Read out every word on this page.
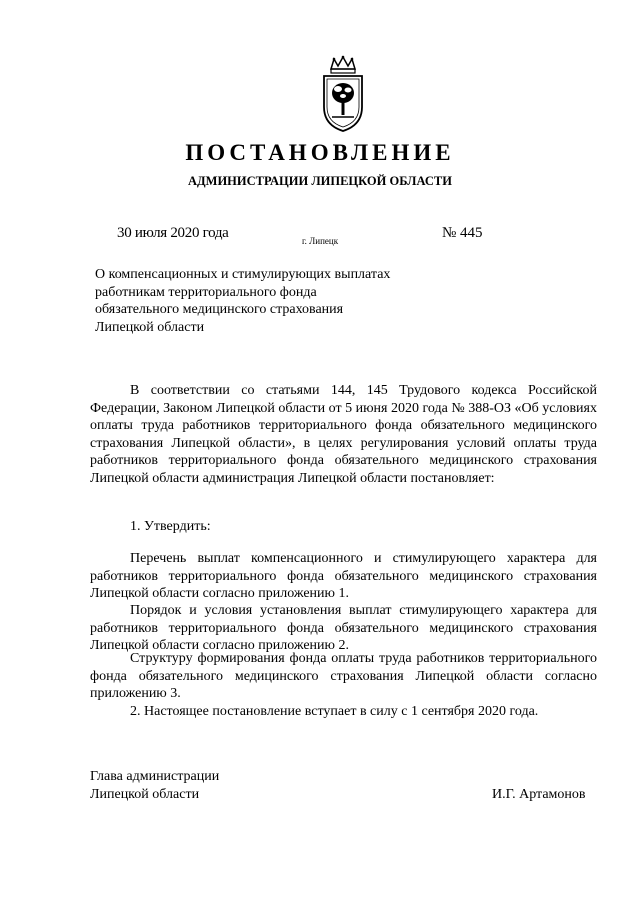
ПОСТАНОВЛЕНИЕ
АДМИНИСТРАЦИИ ЛИПЕЦКОЙ ОБЛАСТИ
30 июля 2020 года	г. Липецк	№ 445
О компенсационных и стимулирующих выплатах
работникам территориального фонда
обязательного медицинского страхования
Липецкой области

В соответствии со статьями 144, 145 Трудового кодекса Российской Федерации, Законом Липецкой области от 5 июня 2020 года № 388-ОЗ «Об условиях оплаты труда работников территориального фонда обязательного медицинского страхования Липецкой области», в целях регулирования условий оплаты труда работников территориального фонда обязательного медицинского страхования Липецкой области администрация Липецкой области постановляет:

1. Утвердить:

Перечень выплат компенсационного и стимулирующего характера для работников территориального фонда обязательного медицинского страхования Липецкой области согласно приложению 1.

Порядок и условия установления выплат стимулирующего характера для работников территориального фонда обязательного медицинского страхования Липецкой области согласно приложению 2.

Структуру формирования фонда оплаты труда работников территориального фонда обязательного медицинского страхования Липецкой области согласно приложению 3.

2. Настоящее постановление вступает в силу с 1 сентября 2020 года.

Глава администрации
Липецкой области	И.Г. Артамонов
